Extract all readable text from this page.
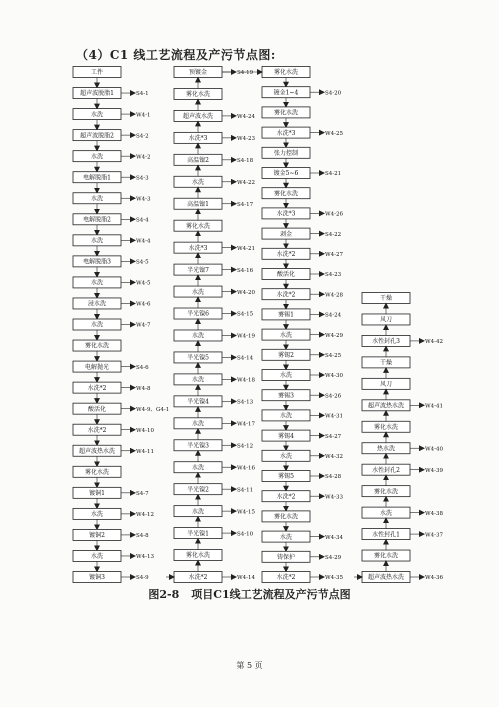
（4）C1 线工艺流程及产污节点图:
工件
超声波脱脂1	S4-1
水洗	W4-1
超声波脱脂2	S4-2
水洗	W4-2
电解脱脂1	S4-3
水洗	W4-3
电解脱脂2	S4-4
水洗	W4-4
电解脱脂3	S4-5
水洗	W4-5
浸水洗	W4-6
水洗	W4-7
雾化水洗
电解抛光	S4-6
水洗*2	W4-8
酸活化	W4-9、G4-1
水洗*2	W4-10
超声波热水洗	W4-11
雾化水洗
镀铜1	S4-7
水洗	W4-12
镀铜2	S4-8
水洗	W4-13
镀铜3	S4-9
预镀金	S4-19
雾化水洗
超声波水洗	W4-24
水洗*3	W4-23
高温镍2	S4-18
水洗	W4-22
高温镍1	S4-17
雾化水洗
水洗*3	W4-21
半光镍7	S4-16
水洗	W4-20
半光镍6	S4-15
水洗	W4-19
半光镍5	S4-14
水洗	W4-18
半光镍4	S4-13
水洗	W4-17
半光镍3	S4-12
水洗	W4-16
半光镍2	S4-11
水洗	W4-15
半光镍1	S4-10
雾化水洗
水洗*2	W4-14
雾化水洗
镀金1~4	S4-20
雾化水洗
水洗*3	W4-25
张力控制
镀金5~6	S4-21
雾化水洗
水洗*3	W4-26
剥金	S4-22
水洗*2	W4-27
酸活化	S4-23
水洗*2	W4-28
雾锡1	S4-24
水洗	W4-29
雾锡2	S4-25
水洗	W4-30
雾锡3	S4-26
水洗	W4-31
雾锡4	S4-27
水洗	W4-32
雾锡5	S4-28
水洗*2	W4-33
雾化水洗
水洗	W4-34
铸保护	S4-29
水洗*2	W4-35
干燥
风刀
水性封孔3	W4-42
干燥
风刀
超声波热水洗	W4-41
雾化水洗
热水洗	W4-40
水性封孔2	W4-39
雾化水洗
水洗	W4-38
水性封孔1	W4-37
雾化水洗
超声波热水洗	W4-36
图2-8 项目C1线工艺流程及产污节点图
第 5 页
